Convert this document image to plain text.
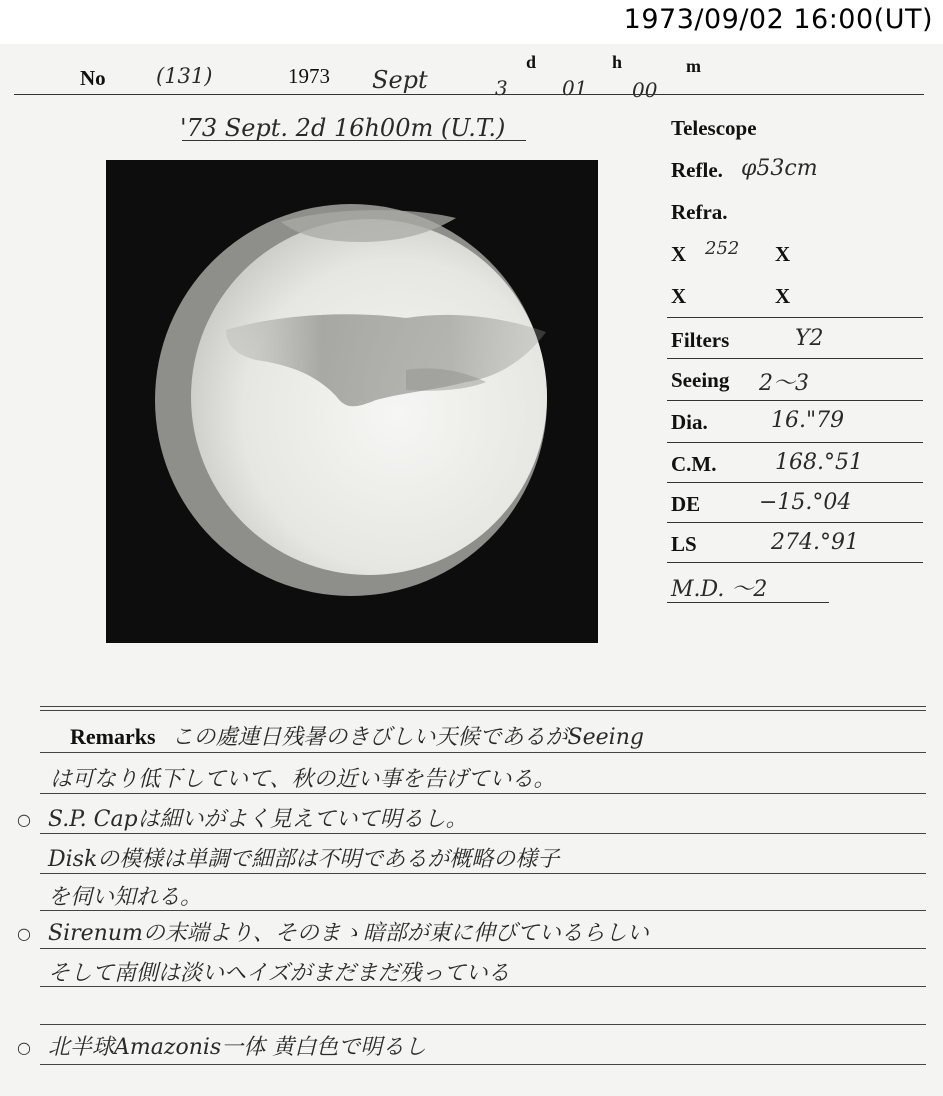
1973/09/02 16:00(UT)
No (131)	1973 Sept	3
d
01
h
00
m
'73 Sept. 2d 16h00m (U.T.)	Telescope
Refle. φ53cm
Refra.
X 252 X
X	X
Filters	Y2
Seeing 2～3
Dia.	16."79
C.M.	168.°51
DE	−15.°04
LS	274.°91
M.D. ～2
Remarks この處連日残暑のきびしい天候であるがSeeing
は可なり低下していて、秋の近い事を告げている。
○ S.P. Capは細いがよく見えていて明るし。
Diskの模様は単調で細部は不明であるが概略の様子
を伺い知れる。
○ Sirenumの末端より、そのまゝ暗部が東に伸びているらしい
そして南側は淡いヘイズがまだまだ残っている
○ 北半球Amazonis一体 黄白色で明るし
